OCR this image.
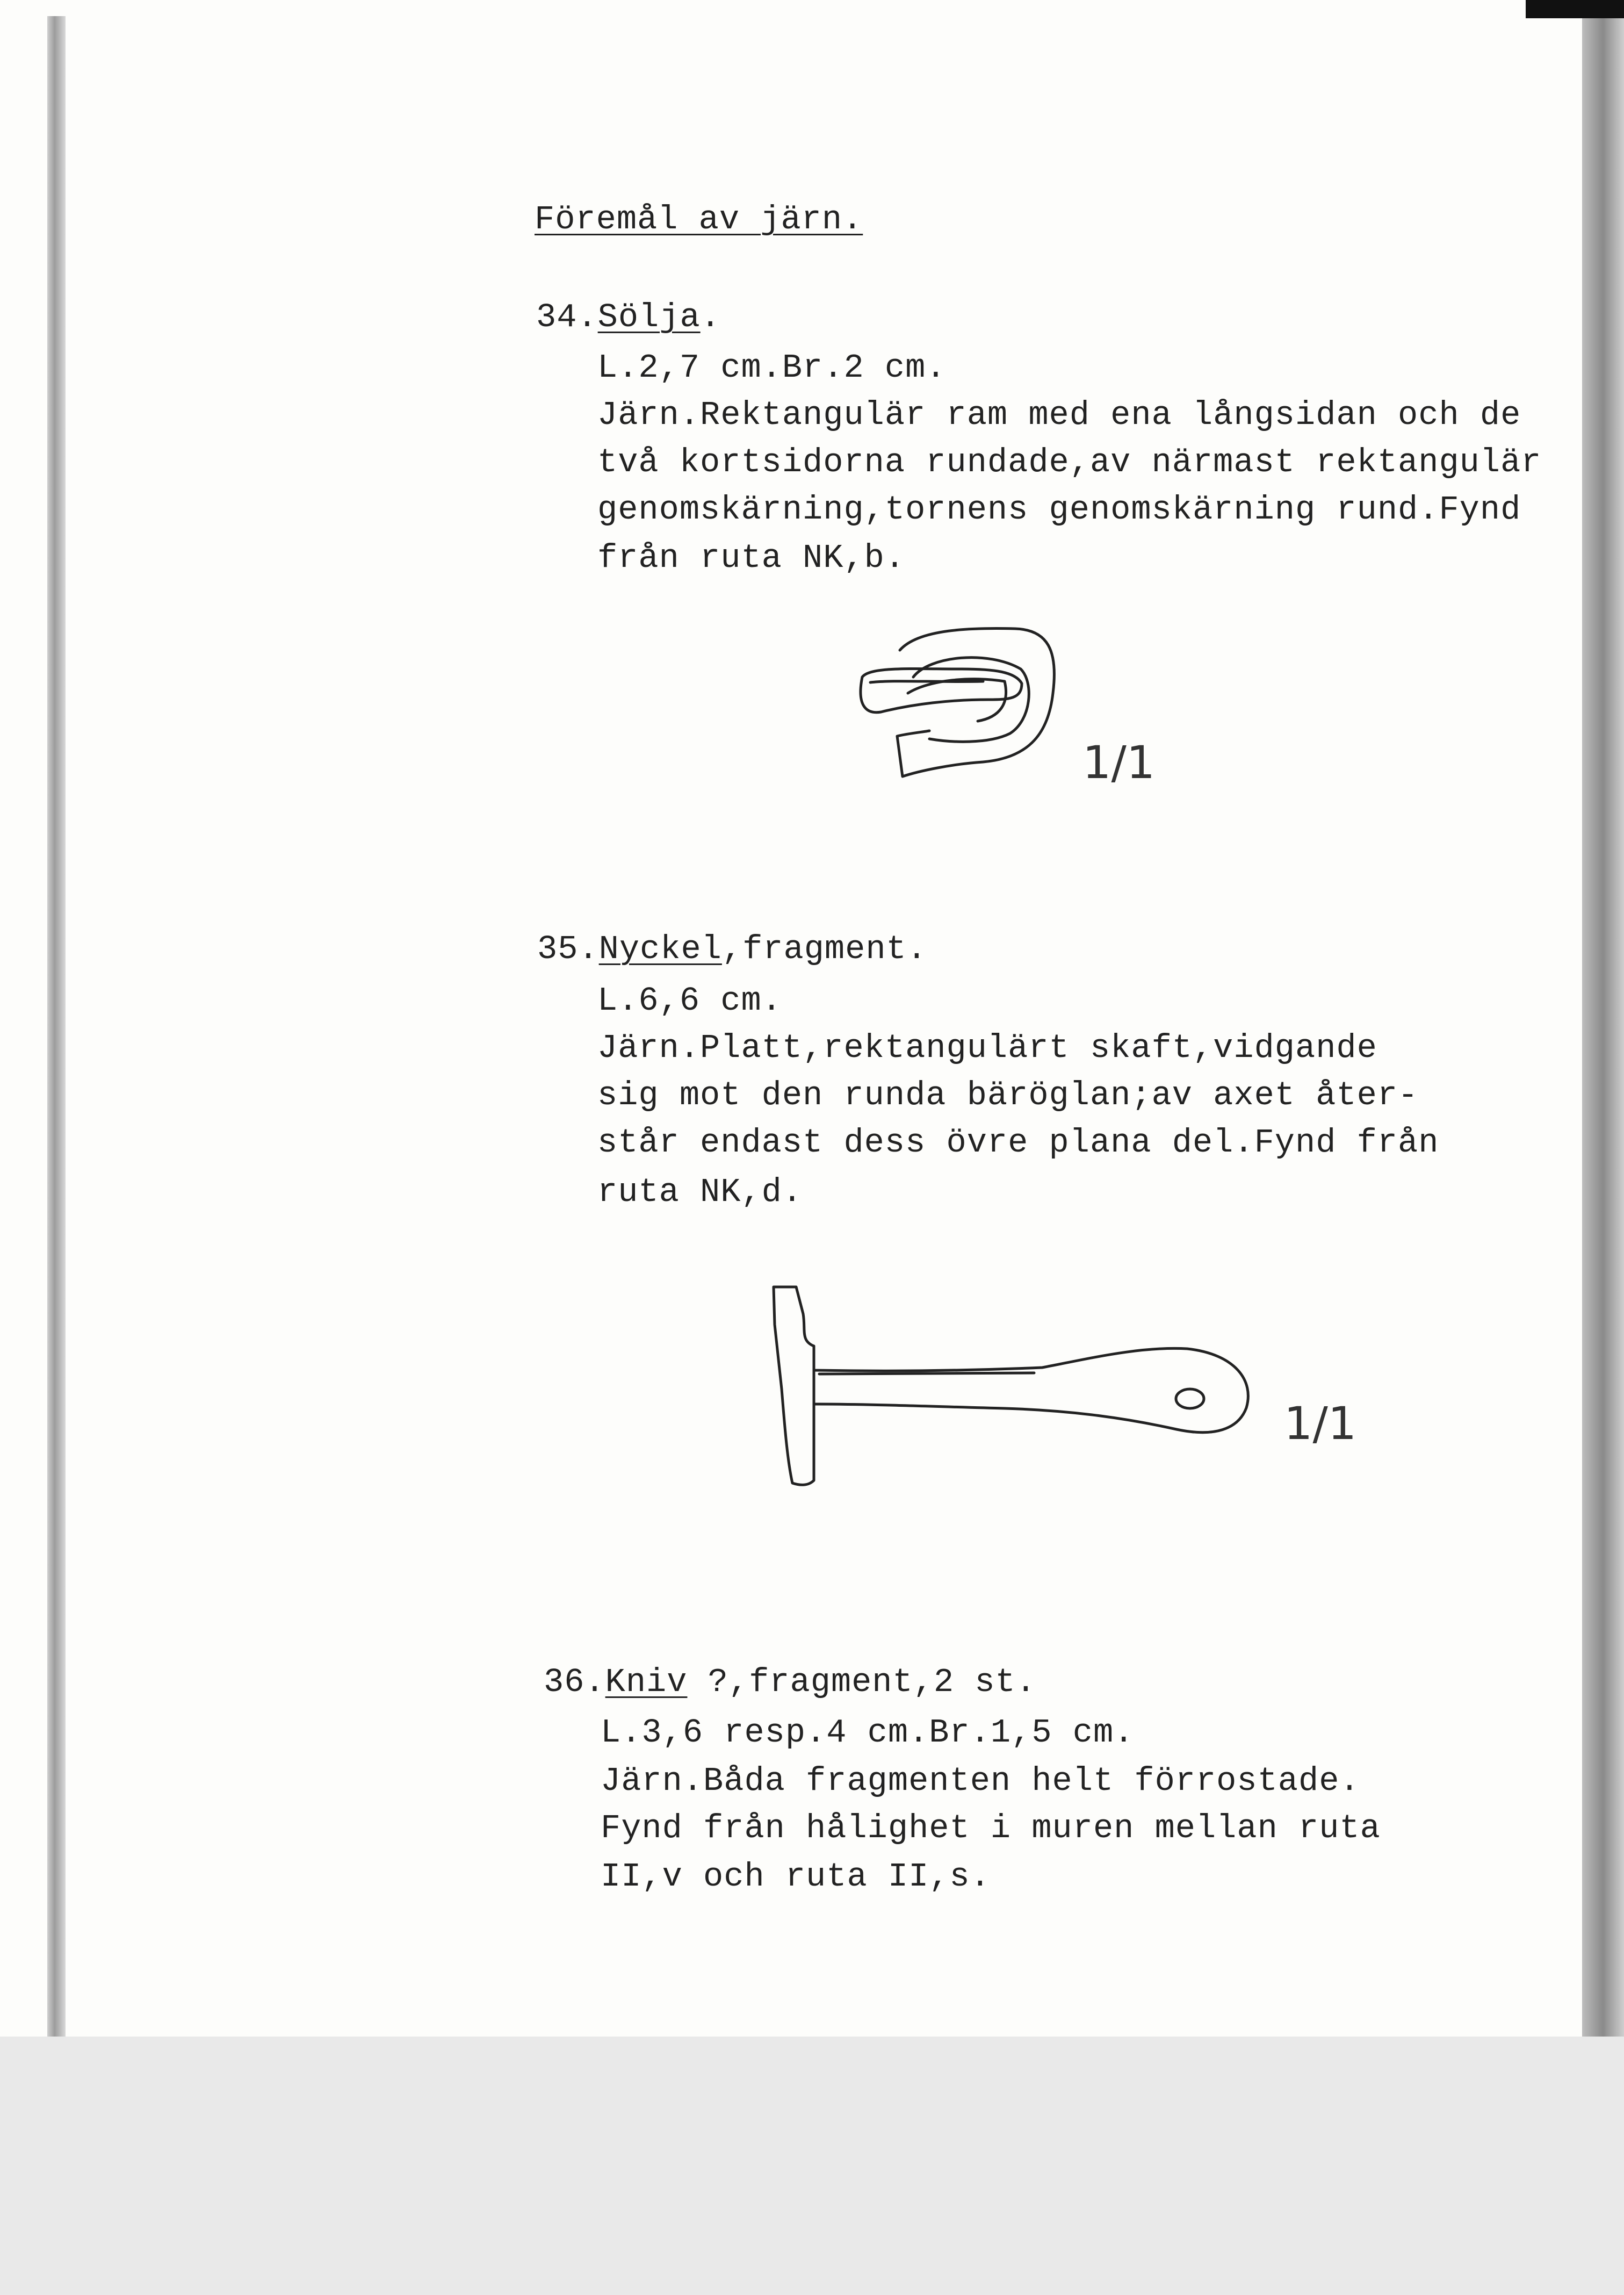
Föremål av järn.
34.Sölja.
L.2,7 cm.Br.2 cm.
Järn.Rektangulär ram med ena långsidan och de
två kortsidorna rundade,av närmast rektangulär
genomskärning,tornens genomskärning rund.Fynd
från ruta NK,b.
1/1
35.Nyckel,fragment.
L.6,6 cm.
Järn.Platt,rektangulärt skaft,vidgande
sig mot den runda bäröglan;av axet åter-
står endast dess övre plana del.Fynd från
ruta NK,d.
1/1
36.Kniv ?,fragment,2 st.
L.3,6 resp.4 cm.Br.1,5 cm.
Järn.Båda fragmenten helt förrostade.
Fynd från hålighet i muren mellan ruta
II,v och ruta II,s.
